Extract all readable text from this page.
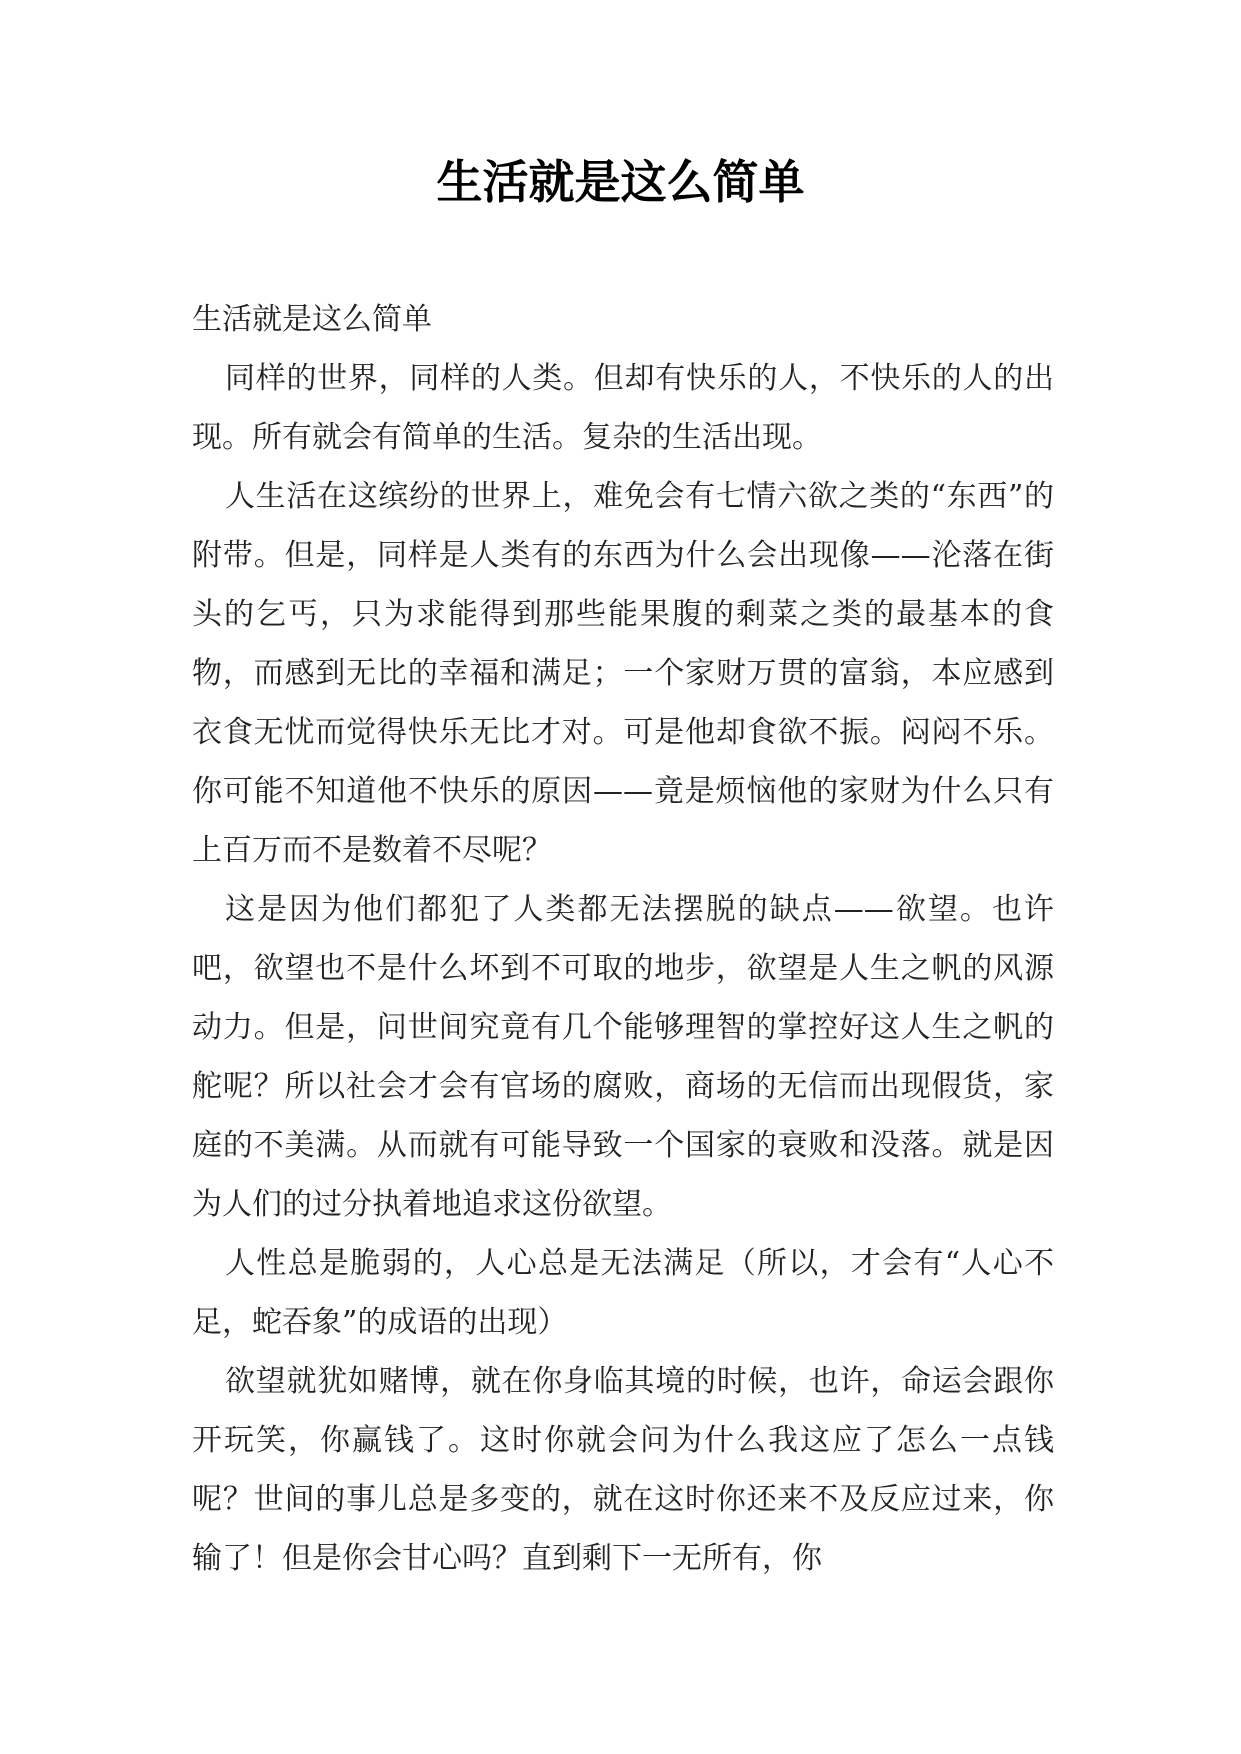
生活就是这么简单

生活就是这么简单

同样的世界，同样的人类。但却有快乐的人，不快乐的人的出现。所有就会有简单的生活。复杂的生活出现。

人生活在这缤纷的世界上，难免会有七情六欲之类的“东西”的附带。但是，同样是人类有的东西为什么会出现像——沦落在街头的乞丐，只为求能得到那些能果腹的剩菜之类的最基本的食物，而感到无比的幸福和满足；一个家财万贯的富翁，本应感到衣食无忧而觉得快乐无比才对。可是他却食欲不振。闷闷不乐。你可能不知道他不快乐的原因——竟是烦恼他的家财为什么只有上百万而不是数着不尽呢？

这是因为他们都犯了人类都无法摆脱的缺点——欲望。也许吧，欲望也不是什么坏到不可取的地步，欲望是人生之帆的风源动力。但是，问世间究竟有几个能够理智的掌控好这人生之帆的舵呢？所以社会才会有官场的腐败，商场的无信而出现假货，家庭的不美满。从而就有可能导致一个国家的衰败和没落。就是因为人们的过分执着地追求这份欲望。

人性总是脆弱的，人心总是无法满足（所以，才会有“人心不足，蛇吞象”的成语的出现）

欲望就犹如赌博，就在你身临其境的时候，也许，命运会跟你开玩笑，你赢钱了。这时你就会问为什么我这应了怎么一点钱呢？世间的事儿总是多变的，就在这时你还来不及反应过来，你输了！但是你会甘心吗？直到剩下一无所有，你
